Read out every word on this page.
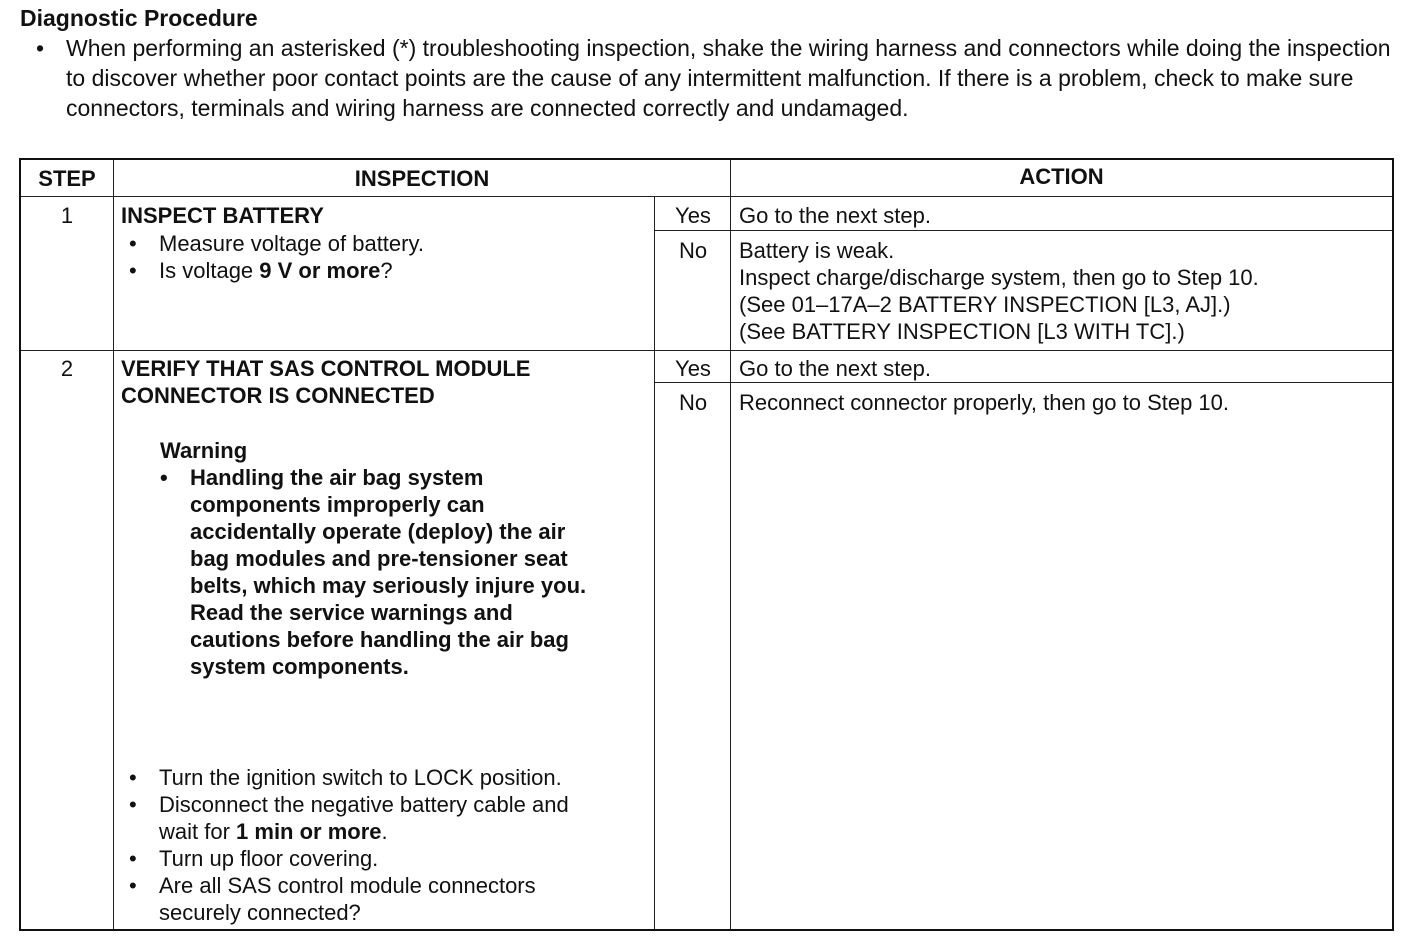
Diagnostic Procedure
• When performing an asterisked (*) troubleshooting inspection, shake the wiring harness and connectors while doing the inspection to discover whether poor contact points are the cause of any intermittent malfunction. If there is a problem, check to make sure connectors, terminals and wiring harness are connected correctly and undamaged.
STEP	INSPECTION	ACTION
1	INSPECT BATTERY
• Measure voltage of battery.
• Is voltage 9 V or more?
Yes	Go to the next step.
No	Battery is weak.
Inspect charge/discharge system, then go to Step 10.
(See 01–17A–2 BATTERY INSPECTION [L3, AJ].)
(See BATTERY INSPECTION [L3 WITH TC].)
2	VERIFY THAT SAS CONTROL MODULE
CONNECTOR IS CONNECTED
Warning
• Handling the air bag system
components improperly can
accidentally operate (deploy) the air
bag modules and pre-tensioner seat
belts, which may seriously injure you.
Read the service warnings and
cautions before handling the air bag
system components.
• Turn the ignition switch to LOCK position.
• Disconnect the negative battery cable and
wait for 1 min or more.
• Turn up floor covering.
• Are all SAS control module connectors
securely connected?
Yes	Go to the next step.
No	Reconnect connector properly, then go to Step 10.
